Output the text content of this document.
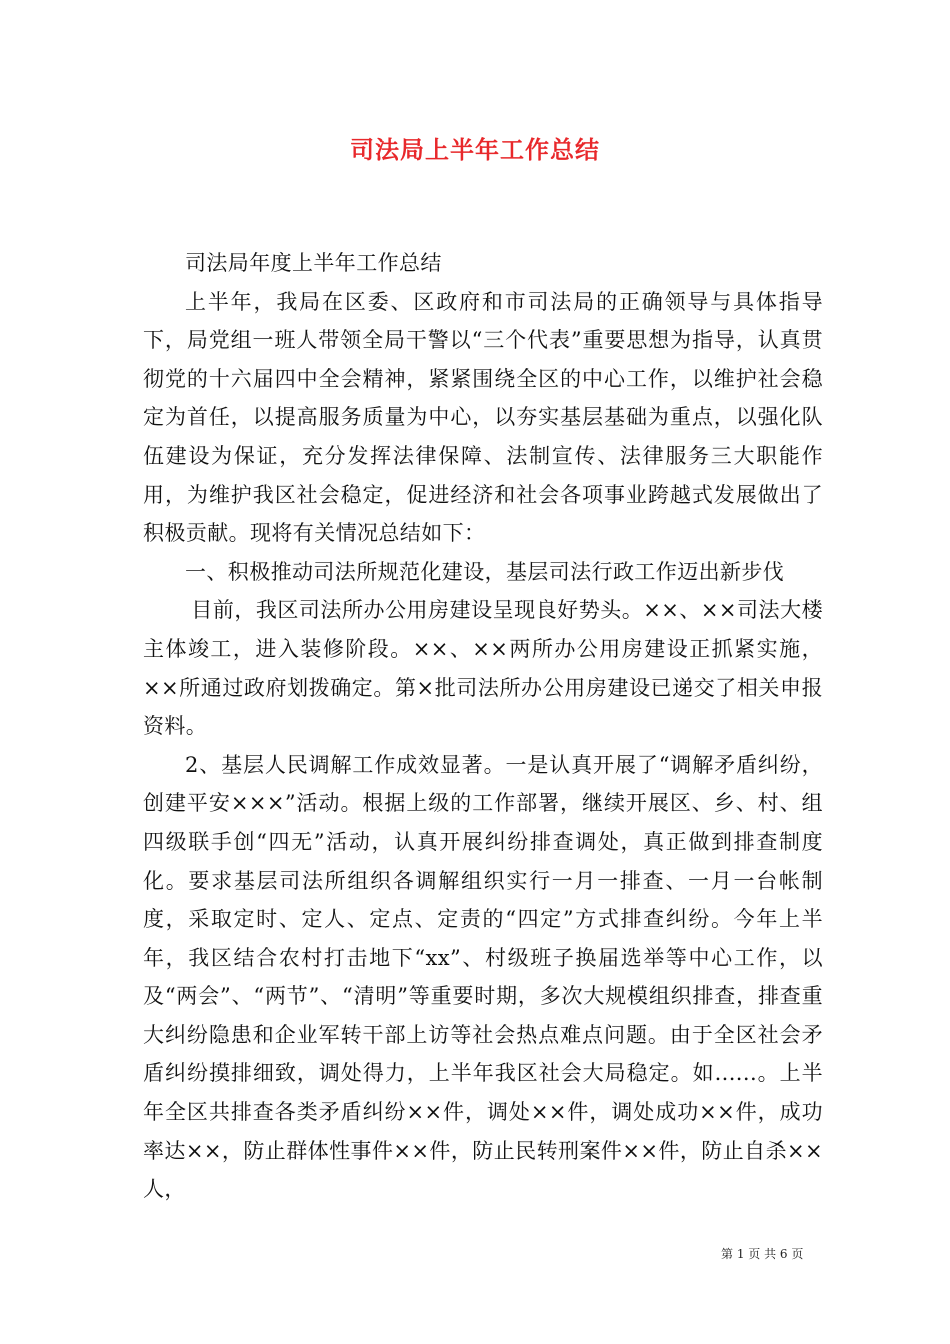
司法局上半年工作总结

司法局年度上半年工作总结

上半年，我局在区委、区政府和市司法局的正确领导与具体指导下，局党组一班人带领全局干警以“三个代表”重要思想为指导，认真贯彻党的十六届四中全会精神，紧紧围绕全区的中心工作，以维护社会稳定为首任，以提高服务质量为中心，以夯实基层基础为重点，以强化队伍建设为保证，充分发挥法律保障、法制宣传、法律服务三大职能作用，为维护我区社会稳定，促进经济和社会各项事业跨越式发展做出了积极贡献。现将有关情况总结如下：

一、积极推动司法所规范化建设，基层司法行政工作迈出新步伐

目前，我区司法所办公用房建设呈现良好势头。××、××司法大楼主体竣工，进入装修阶段。××、××两所办公用房建设正抓紧实施，××所通过政府划拨确定。第×批司法所办公用房建设已递交了相关申报资料。

2、基层人民调解工作成效显著。一是认真开展了“调解矛盾纠纷，创建平安×××”活动。根据上级的工作部署，继续开展区、乡、村、组四级联手创“四无”活动，认真开展纠纷排查调处，真正做到排查制度化。要求基层司法所组织各调解组织实行一月一排查、一月一台帐制度，采取定时、定人、定点、定责的“四定”方式排查纠纷。今年上半年，我区结合农村打击地下“xx”、村级班子换届选举等中心工作，以及“两会”、“两节”、“清明”等重要时期，多次大规模组织排查，排查重大纠纷隐患和企业军转干部上访等社会热点难点问题。由于全区社会矛盾纠纷摸排细致，调处得力，上半年我区社会大局稳定。如......。上半年全区共排查各类矛盾纠纷××件，调处××件，调处成功××件，成功率达××，防止群体性事件××件，防止民转刑案件××件，防止自杀××人，

第 1 页 共 6 页
